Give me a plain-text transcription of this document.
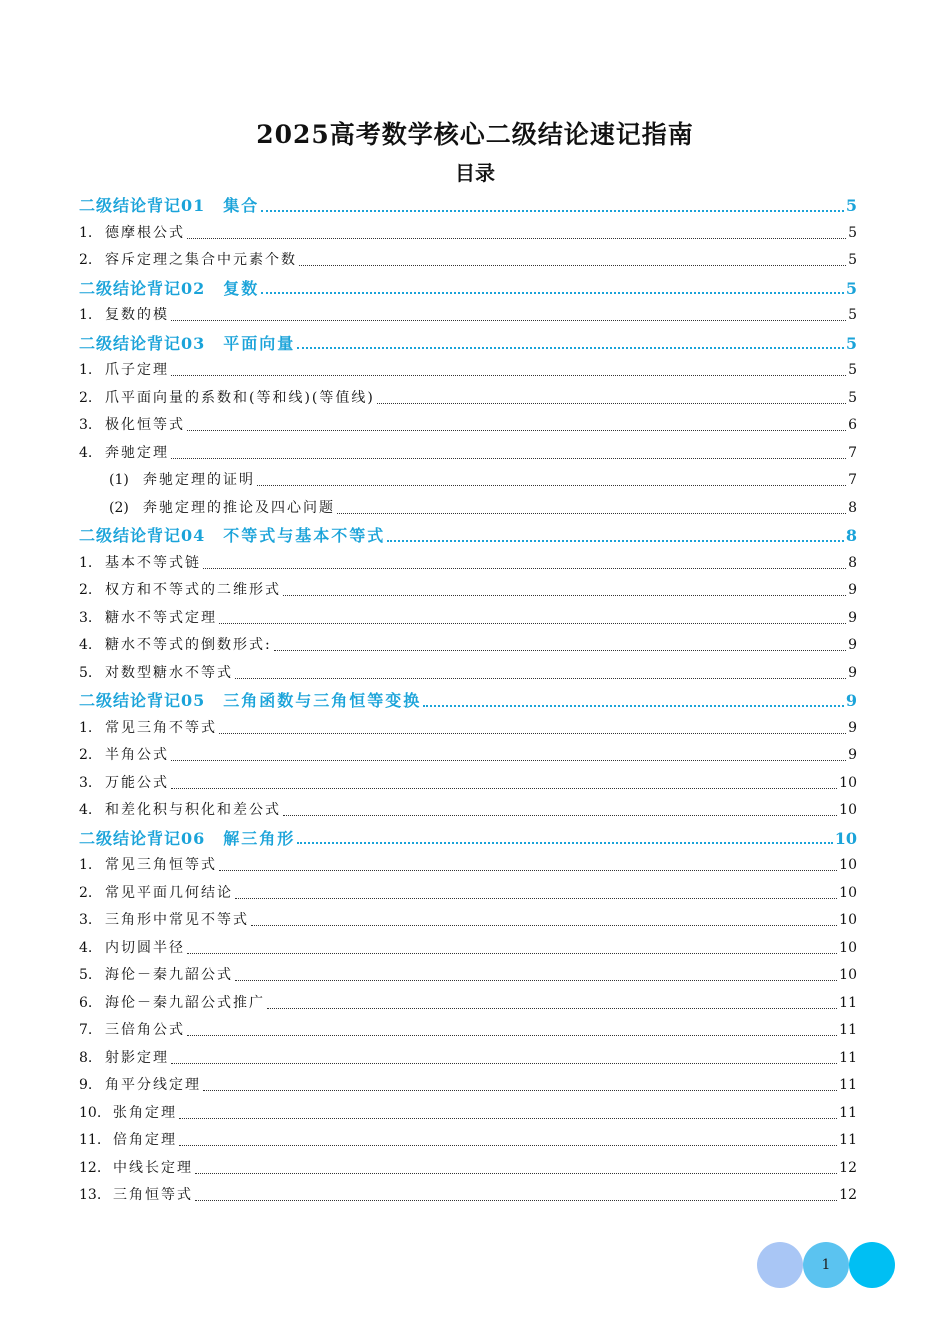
2025高考数学核心二级结论速记指南
目录
二级结论背记01 集合	5
1. 德摩根公式	5
2. 容斥定理之集合中元素个数	5
二级结论背记02 复数	5
1. 复数的模	5
二级结论背记03 平面向量	5
1. 爪子定理	5
2. 爪平面向量的系数和(等和线)(等值线)	5
3. 极化恒等式	6
4. 奔驰定理	7
(1)	奔驰定理的证明	7
(2)	奔驰定理的推论及四心问题	8
二级结论背记04 不等式与基本不等式	8
1. 基本不等式链	8
2. 权方和不等式的二维形式	9
3. 糖水不等式定理	9
4. 糖水不等式的倒数形式:	9
5. 对数型糖水不等式	9
二级结论背记05 三角函数与三角恒等变换	9
1. 常见三角不等式	9
2. 半角公式	9
3. 万能公式	10
4. 和差化积与积化和差公式	10
二级结论背记06 解三角形	10
1. 常见三角恒等式	10
2. 常见平面几何结论	10
3. 三角形中常见不等式	10
4. 内切圆半径	10
5. 海伦－秦九韶公式	10
6. 海伦－秦九韶公式推广	11
7. 三倍角公式	11
8. 射影定理	11
9. 角平分线定理	11
10. 张角定理	11
11. 倍角定理	11
12. 中线长定理	12
13. 三角恒等式	12
1
